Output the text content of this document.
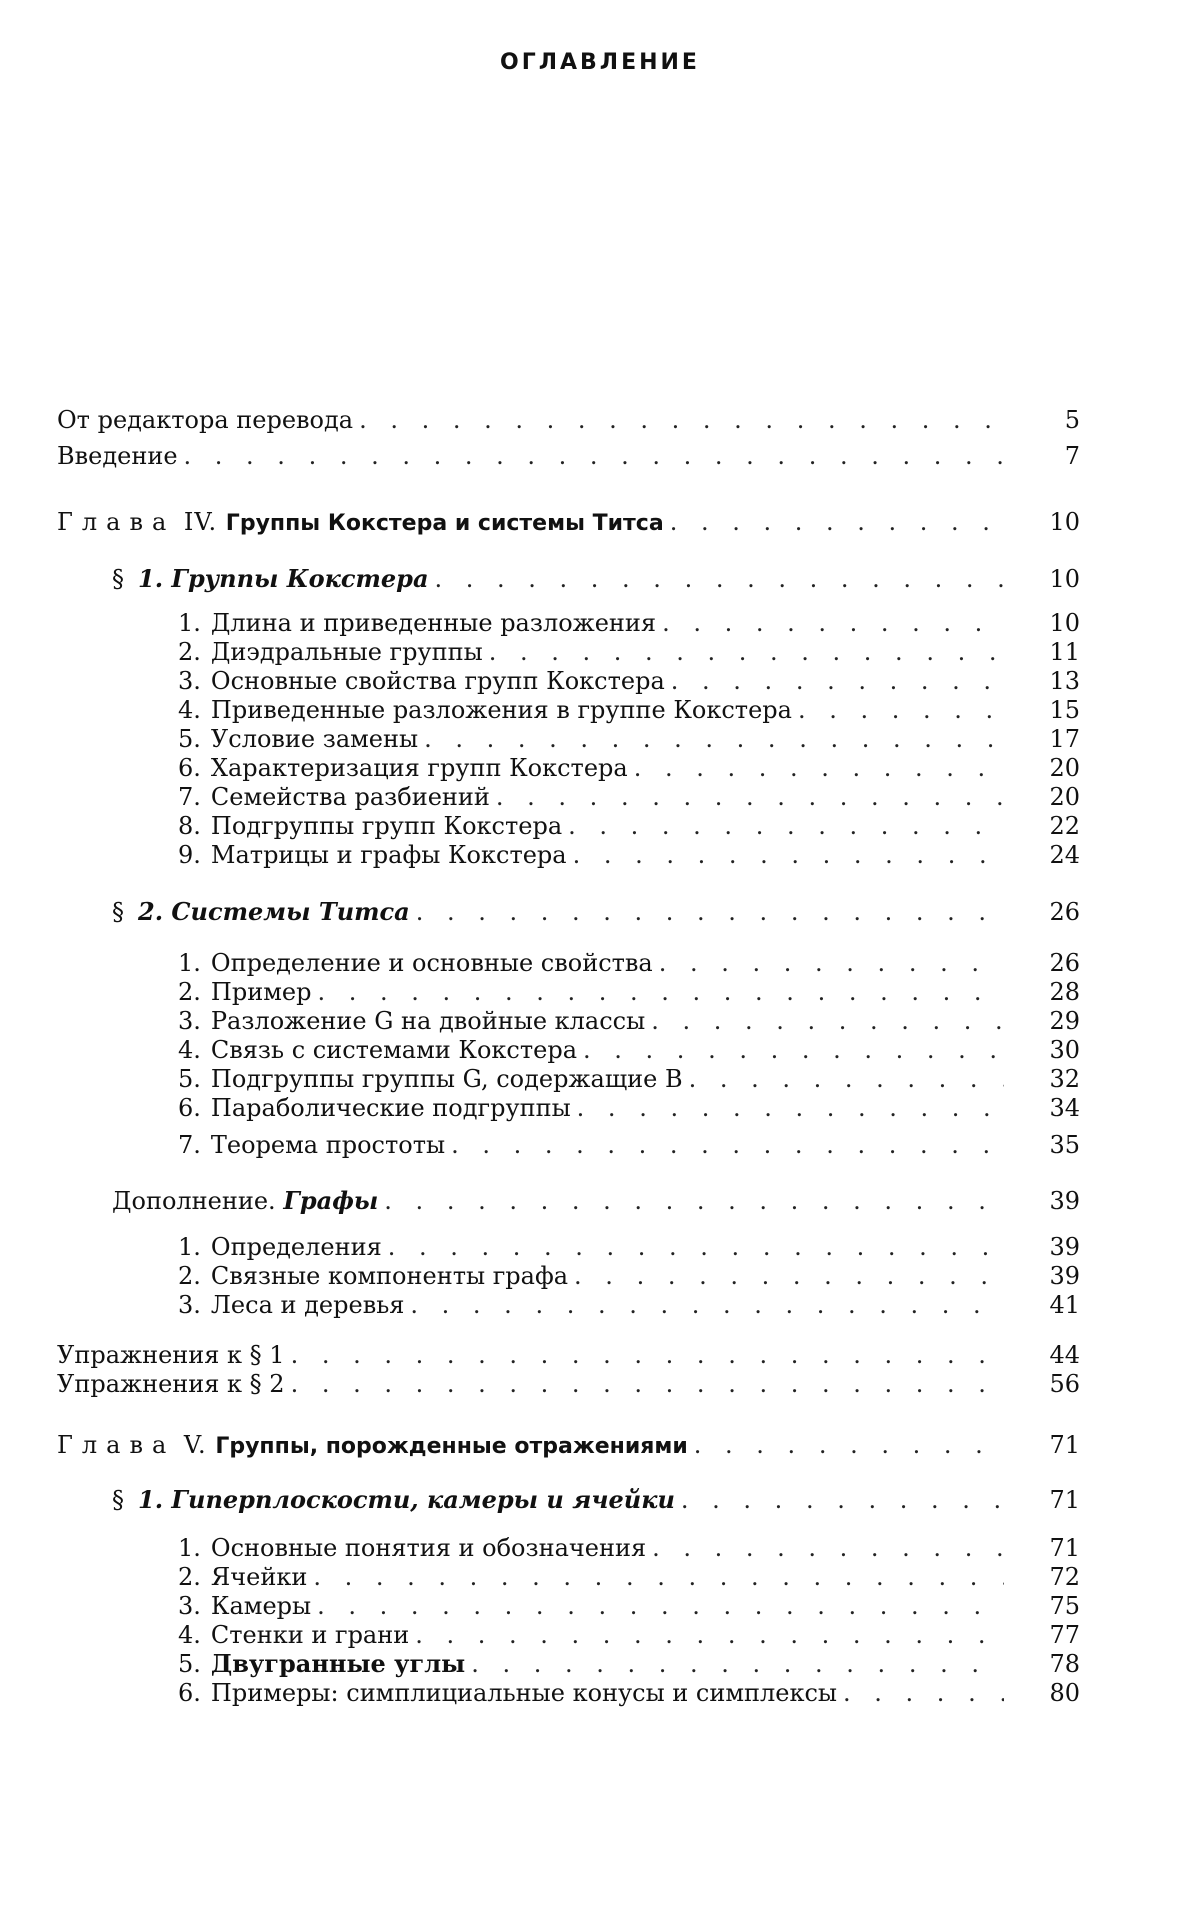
ОГЛАВЛЕНИЕ
От редактора перевода
. . .	5
Введение
. . .	7
Глава IV. Группы Кокстера и системы Титса
. . .	10
§ 1. Группы Кокстера
. . .	10
1. Длина и приведенные разложения
. . .	10
2. Диэдральные группы
. . .	11
3. Основные свойства групп Кокстера
. . .	13
4. Приведенные разложения в группе Кокстера
. . .	15
5. Условие замены
. . .	17
6. Характеризация групп Кокстера
. . .	20
7. Семейства разбиений
. . .	20
8. Подгруппы групп Кокстера
. . .	22
9. Матрицы и графы Кокстера
. . .	24
§ 2. Системы Титса
. . .	26
1. Определение и основные свойства
. . .	26
2. Пример
. . .	28
3. Разложение G на двойные классы
. . .	29
4. Связь с системами Кокстера
. . .	30
5. Подгруппы группы G, содержащие B
. . .	32
6. Параболические подгруппы
. . .	34
7. Теорема простоты
. . .	35
Дополнение. Графы
. . .	39
1. Определения
. . .	39
2. Связные компоненты графа
. . .	39
3. Леса и деревья
. . .	41
Упражнения к § 1
. . .	44
Упражнения к § 2
. . .	56
Глава V. Группы, порожденные отражениями
. . .	71
§ 1. Гиперплоскости, камеры и ячейки
. . .	71
1. Основные понятия и обозначения
. . .	71
2. Ячейки
. . .	72
3. Камеры
. . .	75
4. Стенки и грани
. . .	77
5. Двугранные углы
. . .	78
6. Примеры: симплициальные конусы и симплексы
. . .	80
